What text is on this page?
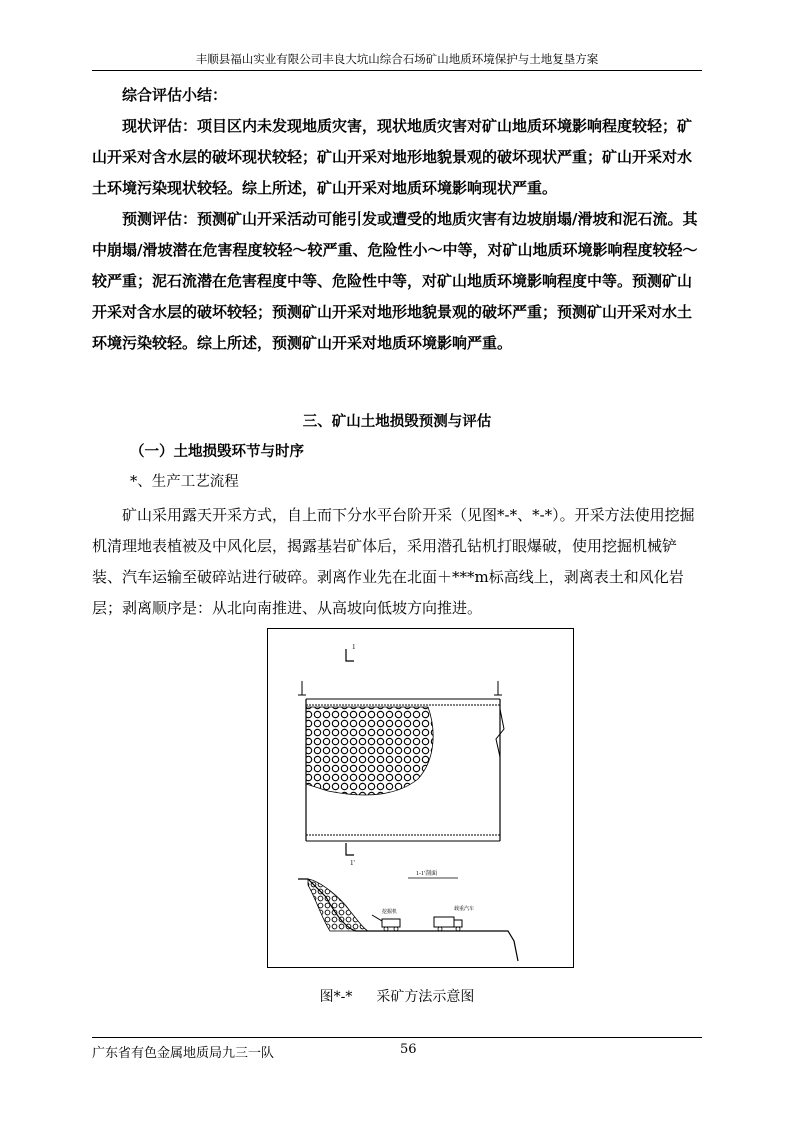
丰顺县福山实业有限公司丰良大坑山综合石场矿山地质环境保护与土地复垦方案
综合评估小结：
现状评估：项目区内未发现地质灾害，现状地质灾害对矿山地质环境影响程度较轻；矿山开采对含水层的破坏现状较轻；矿山开采对地形地貌景观的破坏现状严重；矿山开采对水土环境污染现状较轻。综上所述，矿山开采对地质环境影响现状严重。
预测评估：预测矿山开采活动可能引发或遭受的地质灾害有边坡崩塌/滑坡和泥石流。其中崩塌/滑坡潜在危害程度较轻～较严重、危险性小～中等，对矿山地质环境影响程度较轻～较严重；泥石流潜在危害程度中等、危险性中等，对矿山地质环境影响程度中等。预测矿山开采对含水层的破坏较轻；预测矿山开采对地形地貌景观的破坏严重；预测矿山开采对水土环境污染较轻。综上所述，预测矿山开采对地质环境影响严重。
三、矿山土地损毁预测与评估
（一）土地损毁环节与时序
*、生产工艺流程
矿山采用露天开采方式，自上而下分水平台阶开采（见图*-*、*-*）。开采方法使用挖掘机清理地表植被及中风化层，揭露基岩矿体后，采用潜孔钻机打眼爆破，使用挖掘机械铲装、汽车运输至破碎站进行破碎。剥离作业先在北面＋***m标高线上，剥离表土和风化岩层；剥离顺序是：从北向南推进、从高坡向低坡方向推进。
1
1'
1-1'剖面
挖掘机
载重汽车
图*-* 采矿方法示意图
广东省有色金属地质局九三一队	56
